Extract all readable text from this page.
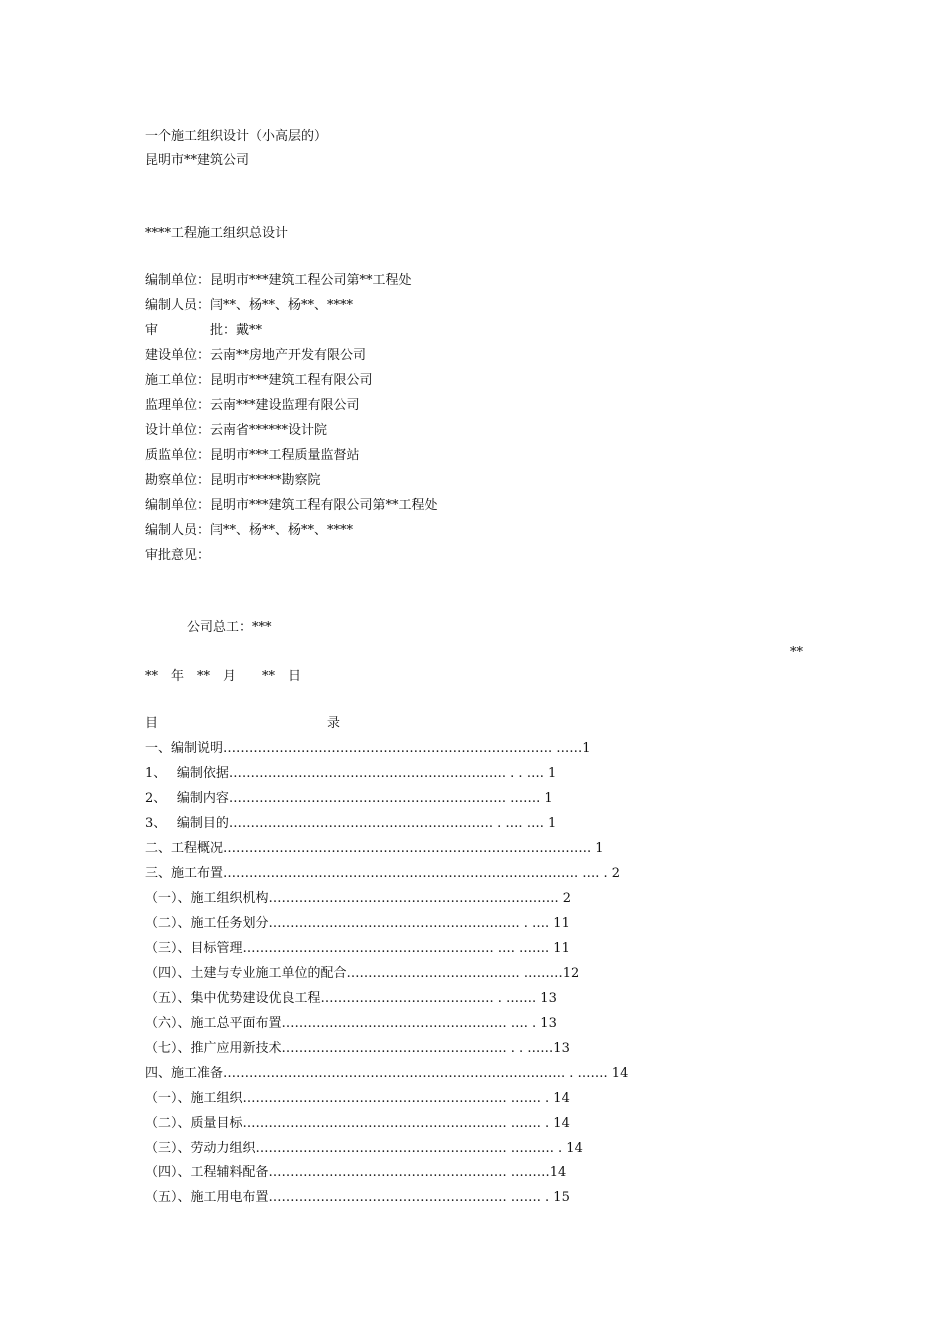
一个施工组织设计（小高层的）
昆明市**建筑公司
****工程施工组织总设计
编制单位：昆明市***建筑工程公司第**工程处
编制人员：闫**、杨**、杨**、****
审　　　　批：戴**
建设单位：云南**房地产开发有限公司
施工单位：昆明市***建筑工程有限公司
监理单位：云南***建设监理有限公司
设计单位：云南省******设计院
质监单位：昆明市***工程质量监督站
勘察单位：昆明市*****勘察院
编制单位：昆明市***建筑工程有限公司第**工程处
编制人员：闫**、杨**、杨**、****
审批意见：
公司总工：***
**
**　年　**　月　　**　日
目　　　　　　　　　　　　　录
一、编制说明…………………………………………………………………. ……1
1、　 编制依据………………………………………………………. . . …. 1
2、　 编制内容………………………………………………………. ……. 1
3、　 编制目的……………………………………………………. . …. …. 1
二、工程概况…………………………………………………………………………. 1
三、施工布置………………………………………………………………………. …. . 2
（一）、施工组织机构…………………………………………………………. 2
（二）、施工任务划分…………………………………………………. . …. 11
（三）、目标管理…………………………………………………. …. ……. 11
（四）、土建与专业施工单位的配合…………………………………. ………12
（五）、集中优势建设优良工程…………………………………. . ……. 13
（六）、施工总平面布置……………………………………………. …. . 13
（七）、推广应用新技术……………………………………………. . . ……13
四、施工准备……………………………………………………………………. . ……. 14
（一）、施工组织……………………………………………………. ……. . 14
（二）、质量目标……………………………………………………. ……. . 14
（三）、劳动力组织…………………………………………………. ………. . 14
（四）、工程辅料配备………………………………………………. ………14
（五）、施工用电布置………………………………………………. ……. . 15
